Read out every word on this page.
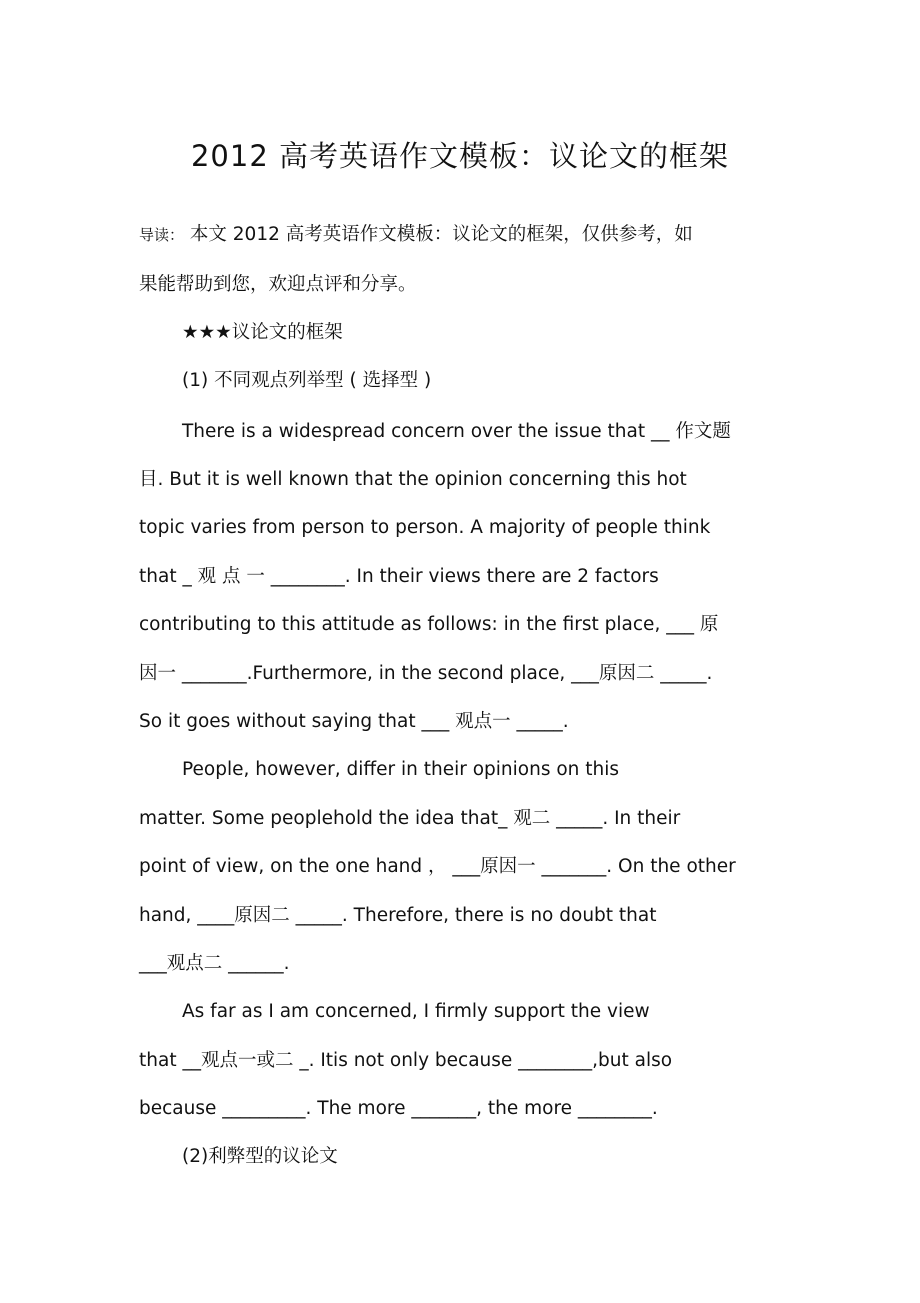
2012 高考英语作文模板：议论文的框架
导读： 本文 2012 高考英语作文模板：议论文的框架，仅供参考，如
果能帮助到您，欢迎点评和分享。
★★★议论文的框架
(1) 不同观点列举型 ( 选择型 )
There is a widespread concern over the issue that __ 作文题
目. But it is well known that the opinion concerning this hot
topic varies from person to person. A majority of people think
that _ 观 点 一 ________. In their views there are 2 factors
contributing to this attitude as follows: in the first place, ___ 原
因一 _______.Furthermore, in the second place, ___原因二 _____.
So it goes without saying that ___ 观点一 _____.
People, however, differ in their opinions on this
matter. Some peoplehold the idea that_ 观二 _____. In their
point of view, on the one hand ， ___原因一 _______. On the other
hand, ____原因二 _____. Therefore, there is no doubt that
___观点二 ______.
As far as I am concerned, I firmly support the view
that __观点一或二 _. Itis not only because ________,but also
because _________. The more _______, the more ________.
(2)利弊型的议论文
